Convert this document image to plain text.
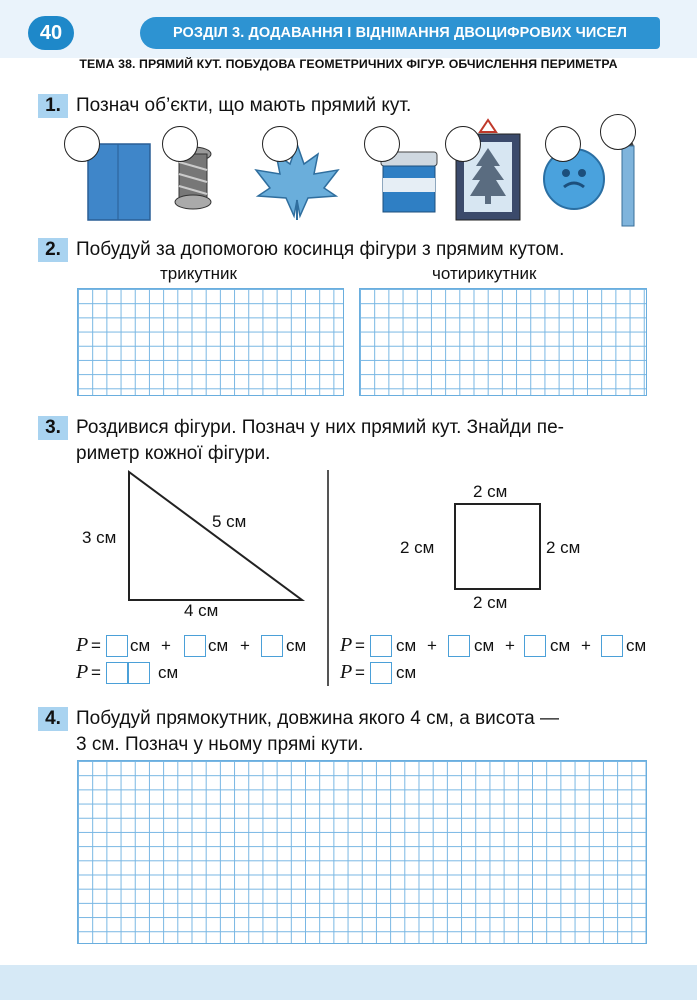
40	РОЗДІЛ 3. ДОДАВАННЯ І ВІДНІМАННЯ ДВОЦИФРОВИХ ЧИСЕЛ
ТЕМА 38. ПРЯМИЙ КУТ. ПОБУДОВА ГЕОМЕТРИЧНИХ ФІГУР. ОБЧИСЛЕННЯ ПЕРИМЕТРА
1. Познач об’єкти, що мають прямий кут.
2. Побудуй за допомогою косинця фігури з прямим кутом.
трикутник	чотирикутник
3. Роздивися фігури. Познач у них прямий кут. Знайди пе-
риметр кожної фігури.
3 см
5 см
4 см
2 см
2 см	2 см
2 см
P = см + см + см
P =	см
P = см + см + см + см
P = см
4. Побудуй прямокутник, довжина якого 4 см, а висота —
3 см. Познач у ньому прямі кути.
